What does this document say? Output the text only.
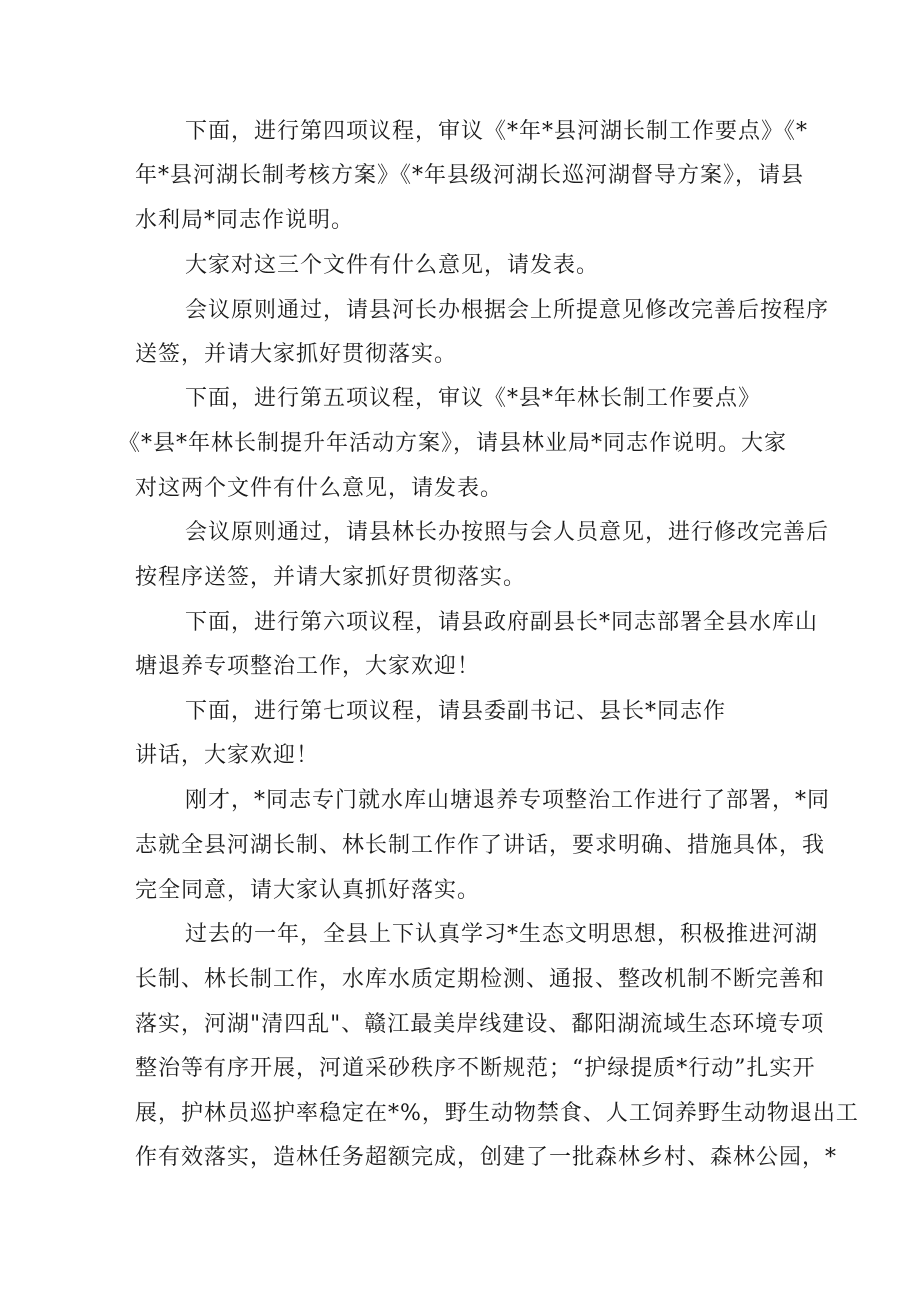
下面，进行第四项议程，审议《*年*县河湖长制工作要点》《*
年*县河湖长制考核方案》《*年县级河湖长巡河湖督导方案》，请县
水利局*同志作说明。
大家对这三个文件有什么意见，请发表。
会议原则通过，请县河长办根据会上所提意见修改完善后按程序
送签，并请大家抓好贯彻落实。
下面，进行第五项议程，审议《*县*年林长制工作要点》
《*县*年林长制提升年活动方案》，请县林业局*同志作说明。大家
对这两个文件有什么意见，请发表。
会议原则通过，请县林长办按照与会人员意见，进行修改完善后
按程序送签，并请大家抓好贯彻落实。
下面，进行第六项议程，请县政府副县长*同志部署全县水库山
塘退养专项整治工作，大家欢迎！
下面，进行第七项议程，请县委副书记、县长*同志作
讲话，大家欢迎！
刚才，*同志专门就水库山塘退养专项整治工作进行了部署，*同
志就全县河湖长制、林长制工作作了讲话，要求明确、措施具体，我
完全同意，请大家认真抓好落实。
过去的一年，全县上下认真学习*生态文明思想，积极推进河湖
长制、林长制工作，水库水质定期检测、通报、整改机制不断完善和
落实，河湖"清四乱"、赣江最美岸线建设、鄱阳湖流域生态环境专项
整治等有序开展，河道采砂秩序不断规范；“护绿提质*行动”扎实开
展，护林员巡护率稳定在*%，野生动物禁食、人工饲养野生动物退出工
作有效落实，造林任务超额完成，创建了一批森林乡村、森林公园，*
